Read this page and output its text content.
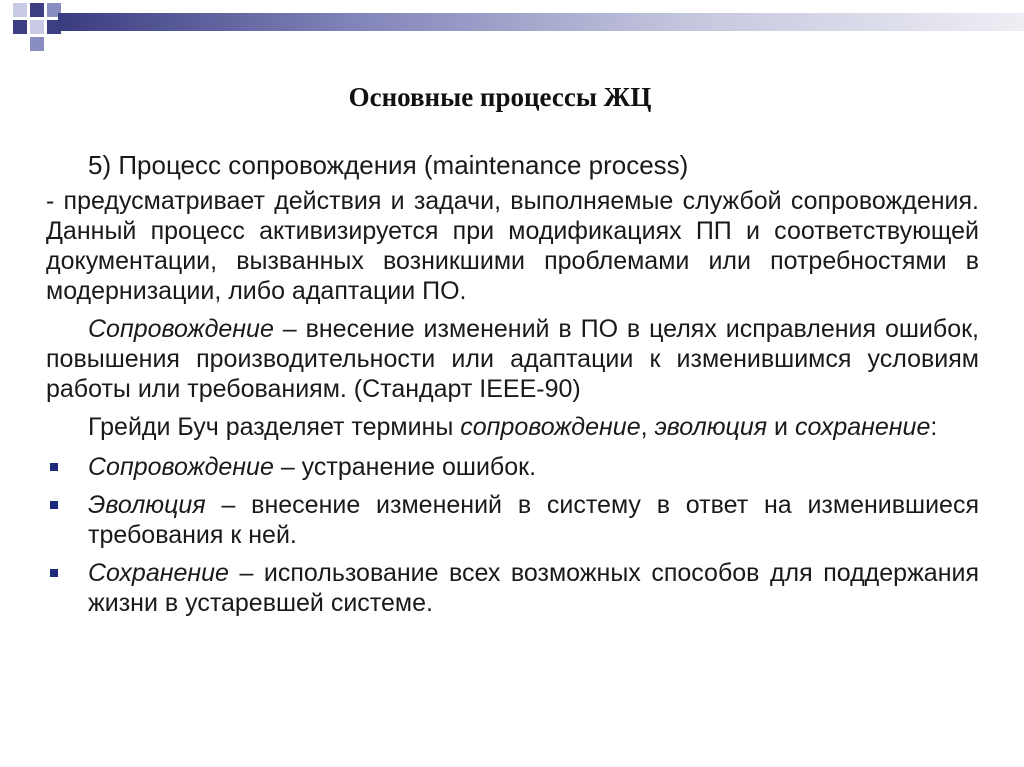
Основные процессы ЖЦ

5) Процесс сопровождения (maintenance process)

- предусматривает действия и задачи, выполняемые службой сопровождения. Данный процесс активизируется при модификациях ПП и соответствующей документации, вызванных возникшими проблемами или потребностями в модернизации, либо адаптации ПО.

Сопровождение – внесение изменений в ПО в целях исправления ошибок, повышения производительности или адаптации к изменившимся условиям работы или требованиям. (Стандарт IEEE-90)

Грейди Буч разделяет термины сопровождение, эволюция и сохранение:

Сопровождение – устранение ошибок.
Эволюция – внесение изменений в систему в ответ на изменившиеся требования к ней.
Сохранение – использование всех возможных способов для поддержания жизни в устаревшей системе.
